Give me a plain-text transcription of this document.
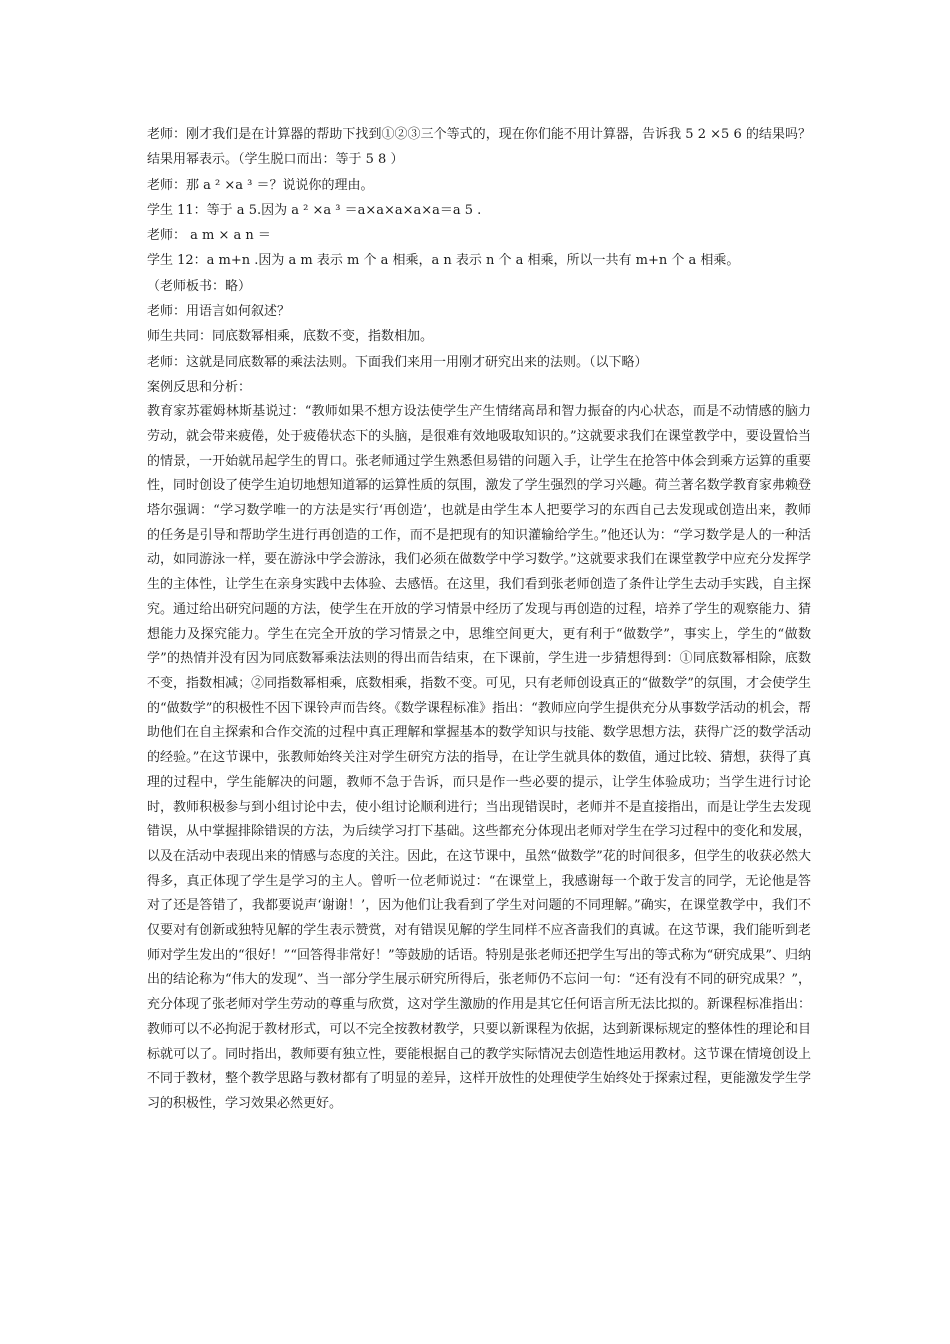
老师：刚才我们是在计算器的帮助下找到①②③三个等式的，现在你们能不用计算器，告诉我 5 2 ×5 6 的结果吗？结果用幂表示。（学生脱口而出：等于 5 8 ）

老师：那 a ² ×a ³ ＝？说说你的理由。

学生 11：等于 a 5.因为 a ² ×a ³ ＝a×a×a×a×a＝a 5 .

老师： a m × a n ＝

学生 12：a m+n .因为 a m 表示 m 个 a 相乘，a n 表示 n 个 a 相乘，所以一共有 m+n 个 a 相乘。

（老师板书：略）

老师：用语言如何叙述？

师生共同：同底数幂相乘，底数不变，指数相加。

老师：这就是同底数幂的乘法法则。下面我们来用一用刚才研究出来的法则。（以下略）

案例反思和分析：

教育家苏霍姆林斯基说过：“教师如果不想方设法使学生产生情绪高昂和智力振奋的内心状态，而是不动情感的脑力劳动，就会带来疲倦，处于疲倦状态下的头脑，是很难有效地吸取知识的。”这就要求我们在课堂教学中，要设置恰当的情景，一开始就吊起学生的胃口。张老师通过学生熟悉但易错的问题入手，让学生在抢答中体会到乘方运算的重要性，同时创设了使学生迫切地想知道幂的运算性质的氛围，激发了学生强烈的学习兴趣。荷兰著名数学教育家弗赖登塔尔强调：“学习数学唯一的方法是实行‘再创造’，也就是由学生本人把要学习的东西自己去发现或创造出来，教师的任务是引导和帮助学生进行再创造的工作，而不是把现有的知识灌输给学生。”他还认为：“学习数学是人的一种活动，如同游泳一样，要在游泳中学会游泳，我们必须在做数学中学习数学。”这就要求我们在课堂教学中应充分发挥学生的主体性，让学生在亲身实践中去体验、去感悟。在这里，我们看到张老师创造了条件让学生去动手实践，自主探究。通过给出研究问题的方法，使学生在开放的学习情景中经历了发现与再创造的过程，培养了学生的观察能力、猜想能力及探究能力。学生在完全开放的学习情景之中，思维空间更大，更有利于“做数学”，事实上，学生的“做数学”的热情并没有因为同底数幂乘法法则的得出而告结束，在下课前，学生进一步猜想得到：①同底数幂相除，底数不变，指数相减；②同指数幂相乘，底数相乘，指数不变。可见，只有老师创设真正的“做数学”的氛围，才会使学生的“做数学”的积极性不因下课铃声而告终。《数学课程标准》指出：“教师应向学生提供充分从事数学活动的机会，帮助他们在自主探索和合作交流的过程中真正理解和掌握基本的数学知识与技能、数学思想方法，获得广泛的数学活动的经验。”在这节课中，张教师始终关注对学生研究方法的指导，在让学生就具体的数值，通过比较、猜想，获得了真理的过程中，学生能解决的问题，教师不急于告诉，而只是作一些必要的提示，让学生体验成功；当学生进行讨论时，教师积极参与到小组讨论中去，使小组讨论顺利进行；当出现错误时，老师并不是直接指出，而是让学生去发现错误，从中掌握排除错误的方法，为后续学习打下基础。这些都充分体现出老师对学生在学习过程中的变化和发展，以及在活动中表现出来的情感与态度的关注。因此，在这节课中，虽然“做数学”花的时间很多，但学生的收获必然大得多，真正体现了学生是学习的主人。曾听一位老师说过：“在课堂上，我感谢每一个敢于发言的同学，无论他是答对了还是答错了，我都要说声‘谢谢！’，因为他们让我看到了学生对问题的不同理解。”确实，在课堂教学中，我们不仅要对有创新或独特见解的学生表示赞赏，对有错误见解的学生同样不应吝啬我们的真诚。在这节课，我们能听到老师对学生发出的“很好！”“回答得非常好！”等鼓励的话语。特别是张老师还把学生写出的等式称为“研究成果”、归纳出的结论称为“伟大的发现”、当一部分学生展示研究所得后，张老师仍不忘问一句：“还有没有不同的研究成果？”，充分体现了张老师对学生劳动的尊重与欣赏，这对学生激励的作用是其它任何语言所无法比拟的。新课程标准指出：教师可以不必拘泥于教材形式，可以不完全按教材教学，只要以新课程为依据，达到新课标规定的整体性的理论和目标就可以了。同时指出，教师要有独立性，要能根据自己的教学实际情况去创造性地运用教材。这节课在情境创设上不同于教材，整个教学思路与教材都有了明显的差异，这样开放性的处理使学生始终处于探索过程，更能激发学生学习的积极性，学习效果必然更好。
